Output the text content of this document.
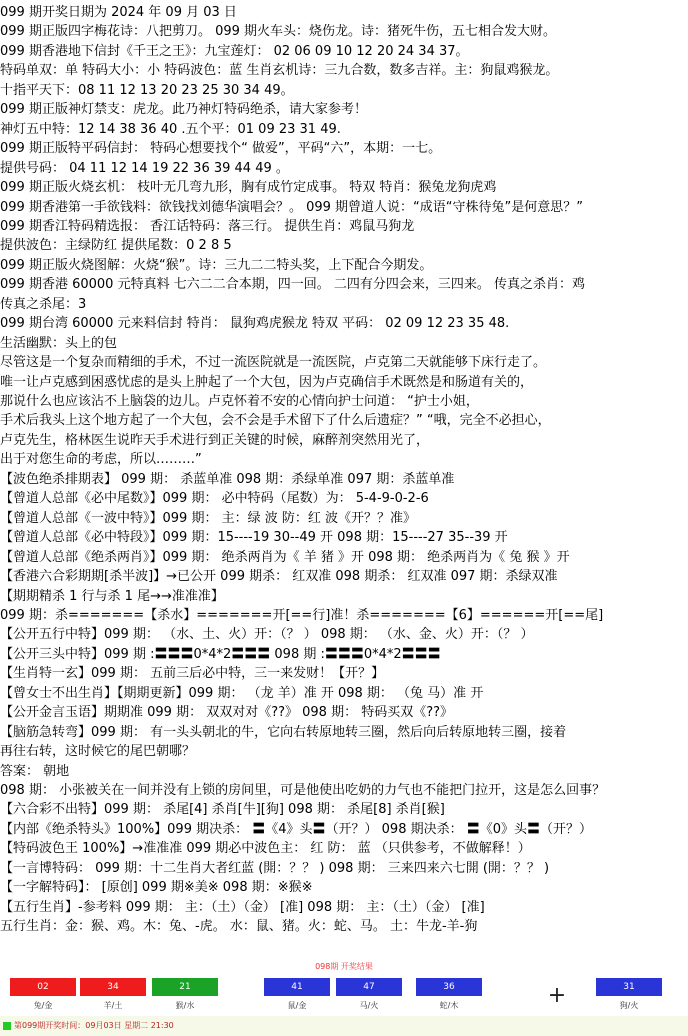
099 期开奖日期为 2024 年 09 月 03 日
099 期正版四字梅花诗：八把剪刀。 099 期火车头：烧伤龙。诗：猪死牛伤，五七相合发大财。
099 期香港地下信封《千王之王》：九宝莲灯： 02 06 09 10 12 20 24 34 37。
特码单双：单 特码大小：小 特码波色：蓝 生肖玄机诗：三九合数，数多吉祥。主：狗鼠鸡猴龙。
十指平天下：08 11 12 13 20 23 25 30 34 49。
099 期正版神灯禁支：虎龙。此乃神灯特码绝杀，请大家参考！
神灯五中特：12 14 38 36 40 .五个平：01 09 23 31 49.
099 期正版特平码信封： 特码心想要找个“ 做爱”，平码“六”，本期：一七。
提供号码： 04 11 12 14 19 22 36 39 44 49 。
099 期正版火烧玄机： 枝叶无几弯九形，胸有成竹定成事。 特双 特肖：猴兔龙狗虎鸡
099 期香港第一手欲钱料：欲钱找刘德华演唱会？。 099 期曾道人说：“成语“守株待兔”是何意思？”
099 期香江特码精选报： 香江话特码：落三行。 提供生肖：鸡鼠马狗龙
提供波色：主绿防红 提供尾数：0 2 8 5
099 期正版火烧图解：火烧“猴”。诗：三九二二特头奖，上下配合今期发。
099 期香港 60000 元特真料 七六二二合本期，四一回。 二四有分四会来，三四来。 传真之杀肖：鸡
传真之杀尾：3
099 期台湾 60000 元来料信封 特肖： 鼠狗鸡虎猴龙 特双 平码： 02 09 12 23 35 48.
生活幽默：头上的包
尽管这是一个复杂而精细的手术，不过一流医院就是一流医院，卢克第二天就能够下床行走了。
唯一让卢克感到困惑忧虑的是头上肿起了一个大包，因为卢克确信手术既然是和肠道有关的，
那说什么也应该沾不上脑袋的边儿。卢克怀着不安的心情向护士问道： “护士小姐，
手术后我头上这个地方起了一个大包，会不会是手术留下了什么后遗症？” “哦，完全不必担心，
卢克先生，格林医生说昨天手术进行到正关键的时候，麻醉剂突然用光了，
出于对您生命的考虑，所以………”
【波色绝杀排期表】 099 期： 杀蓝单准 098 期：杀绿单准 097 期：杀蓝单准
【曾道人总部《必中尾数》】099 期： 必中特码（尾数）为： 5-4-9-0-2-6
【曾道人总部《一波中特》】099 期： 主：绿 波 防：红 波《开？？准》
【曾道人总部《必中特段》】099 期：15----19 30--49 开 098 期：15----27 35--39 开
【曾道人总部《绝杀两肖》】099 期： 绝杀两肖为《 羊 猪 》开 098 期： 绝杀两肖为《 兔 猴 》开
【香港六合彩期期[杀半波]】→已公开 099 期杀： 红双准 098 期杀： 红双准 097 期：杀绿双准
【期期精杀 1 行与杀 1 尾→→准准准】
099 期：杀=======【杀水】=======开[==行]准！杀=======【6】======开[==尾]
【公开五行中特】099 期： （水、土、火）开：（？ ） 098 期： （水、金、火）开：（？ ）
【公开三头中特】099 期 :〓〓〓0*4*2〓〓〓 098 期 :〓〓〓0*4*2〓〓〓
【生肖特一玄】099 期： 五前三后必中特，三一来发财！【开？】
【曾女士不出生肖】【期期更新】099 期： （龙 羊）准 开 098 期： （兔 马）准 开
【公开金言玉语】期期准 099 期： 双双对对《??》 098 期： 特码买双《??》
【脑筋急转弯】099 期： 有一头头朝北的牛，它向右转原地转三圈，然后向后转原地转三圈，接着
再往右转，这时候它的尾巴朝哪？
答案： 朝地
098 期： 小张被关在一间并没有上锁的房间里，可是他使出吃奶的力气也不能把门拉开，这是怎么回事？
【六合彩不出特】099 期： 杀尾[4] 杀肖[牛][狗] 098 期： 杀尾[8] 杀肖[猴]
【内部《绝杀特头》100%】099 期决杀： 〓《4》头〓（开？） 098 期决杀： 〓《0》头〓（开？）
【特码波色王 100%】→准准准 099 期必中波色主： 红 防： 蓝 （只供参考，不做解释！）
【一言博特码： 099 期：十二生肖大者红蓝 (開：？？ ) 098 期： 三来四来六七開 (開：？？ )
【一字解特码】： [原创] 099 期※美※ 098 期：※猴※
【五行生肖】-参考料 099 期： 主：（土）（金） [准] 098 期： 主：（土）（金） [准]
五行生肖：金：猴、鸡。木：兔、-虎。 水：鼠、猪。火：蛇、马。 土：牛龙-羊-狗
098期 开奖结果
02
兔/金
34
羊/土
21
猴/水
41
鼠/金
47
马/火
36
蛇/木
31
狗/火
+
第099期开奖时间：09月03日 星期二 21:30
